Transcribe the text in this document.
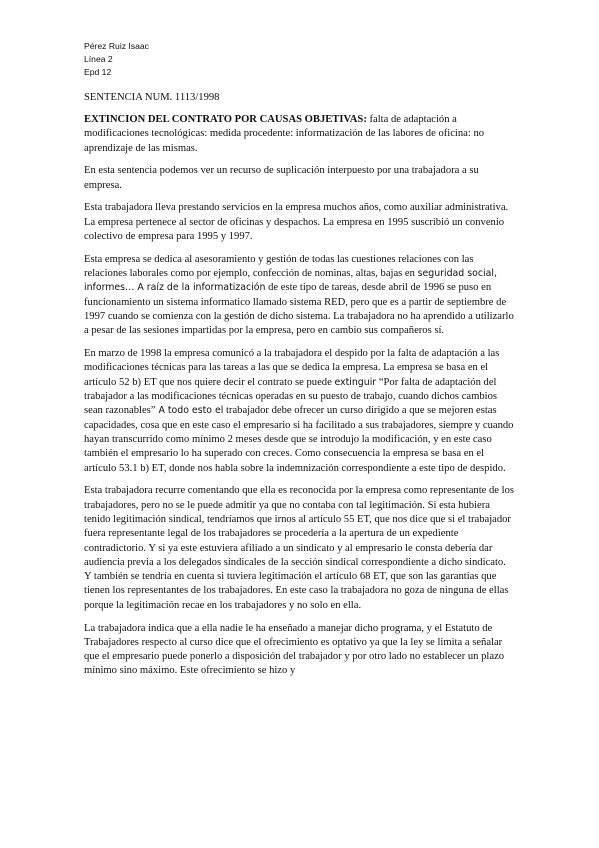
Pérez Ruiz Isaac
Línea 2
Epd 12
SENTENCIA NUM. 1113/1998

EXTINCION DEL CONTRATO POR CAUSAS OBJETIVAS: falta de adaptación a modificaciones tecnológicas: medida procedente: informatización de las labores de oficina: no aprendizaje de las mismas.

En esta sentencia podemos ver un recurso de suplicación interpuesto por una trabajadora a su empresa.

Esta trabajadora lleva prestando servicios en la empresa muchos años, como auxiliar administrativa. La empresa pertenece al sector de oficinas y despachos. La empresa en 1995 suscribió un convenio colectivo de empresa para 1995 y 1997.

Esta empresa se dedica al asesoramiento y gestión de todas las cuestiones relaciones con las relaciones laborales como por ejemplo, confección de nominas, altas, bajas en seguridad social, informes… A raíz de la informatización de este tipo de tareas, desde abril de 1996 se puso en funcionamiento un sistema informatico llamado sistema RED, pero que es a partir de septiembre de 1997 cuando se comienza con la gestión de dicho sistema. La trabajadora no ha aprendido a utilizarlo a pesar de las sesiones impartidas por la empresa, pero en cambio sus compañeros sí.

En marzo de 1998 la empresa comunicó a la trabajadora el despido por la falta de adaptación a las modificaciones técnicas para las tareas a las que se dedica la empresa. La empresa se basa en el artículo 52 b) ET que nos quiere decir el contrato se puede extinguir “Por falta de adaptación del trabajador a las modificaciones técnicas operadas en su puesto de trabajo, cuando dichos cambios sean razonables” A todo esto el trabajador debe ofrecer un curso dirigido a que se mejoren estas capacidades, cosa que en este caso el empresario si ha facilitado a sus trabajadores, siempre y cuando hayan transcurrido como mínimo 2 meses desde que se introdujo la modificación, y en este caso también el empresario lo ha superado con creces. Como consecuencia la empresa se basa en el artículo 53.1 b) ET, donde nos habla sobre la indemnización correspondiente a este tipo de despido.

Esta trabajadora recurre comentando que ella es reconocida por la empresa como representante de los trabajadores, pero no se le puede admitir ya que no contaba con tal legitimación. Si esta hubiera tenido legitimación sindical, tendríamos que irnos al artículo 55 ET, que nos dice que si el trabajador fuera representante legal de los trabajadores se procedería a la apertura de un expediente contradictorio. Y si ya este estuviera afiliado a un sindicato y al empresario le consta debería dar audiencia previa a los delegados sindicales de la sección sindical correspondiente a dicho sindicato. Y también se tendría en cuenta si tuviera legitimación el artículo 68 ET, que son las garantías que tienen los representantes de los trabajadores. En este caso la trabajadora no goza de ninguna de ellas porque la legitimación recae en los trabajadores y no solo en ella.

La trabajadora indica que a ella nadie le ha enseñado a manejar dicho programa, y el Estatuto de Trabajadores respecto al curso dice que el ofrecimiento es optativo ya que la ley se limita a señalar que el empresario puede ponerlo a disposición del trabajador y por otro lado no establecer un plazo mínimo sino máximo. Este ofrecimiento se hizo y
